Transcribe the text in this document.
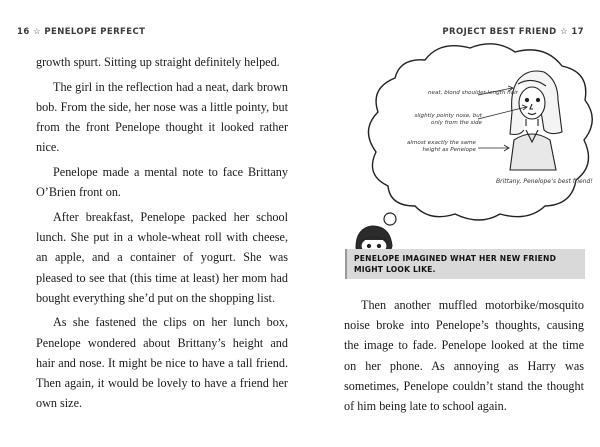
16 ☆ PENELOPE PERFECT

growth spurt. Sitting up straight definitely helped.

The girl in the reflection had a neat, dark brown bob. From the side, her nose was a little pointy, but from the front Penelope thought it looked rather nice.

Penelope made a mental note to face Brittany O’Brien front on.

After breakfast, Penelope packed her school lunch. She put in a whole-wheat roll with cheese, an apple, and a container of yogurt. She was pleased to see that (this time at least) her mom had bought everything she’d put on the shopping list.

As she fastened the clips on her lunch box, Penelope wondered about Brittany’s height and hair and nose. It might be nice to have a tall friend. Then again, it would be lovely to have a friend her own size.

PROJECT BEST FRIEND ☆ 17
neat, blond shoulder-length hair
slightly pointy nose, but only from the side
almost exactly the same height as Penelope
Brittany, Penelope’s best friend!
PENELOPE IMAGINED WHAT HER NEW FRIEND MIGHT LOOK LIKE.

Then another muffled motorbike/mosquito noise broke into Penelope’s thoughts, causing the image to fade. Penelope looked at the time on her phone. As annoying as Harry was sometimes, Penelope couldn’t stand the thought of him being late to school again.
